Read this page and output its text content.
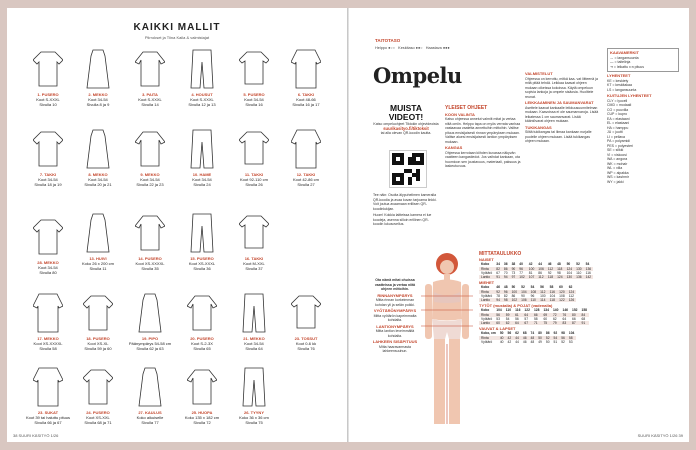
KAIKKI MALLIT
Piirrokset ja Tiina Kaila & valmistajat
1. PUSERO
Koot S-XXXL
Sivulla 10
2. MEKKO
Koot 34-54
Sivulla 8 ja 9
3. PAITA
Koot S-XXXL
Sivulla 14
4. HOUSUT
Koot S-XXXL
Sivulla 12 ja 13
5. PUSERO
Koot 34-54
Sivulla 16
6. TAKKI
Koot 48-66
Sivulla 16 ja 17
7. TAKKI
Koot 34-54
Sivulla 18 ja 19
8. MEKKO
Koot 34-54
Sivulla 20 ja 21
9. MEKKO
Koot 34-54
Sivulla 22 ja 23
10. HAME
Koot 34-54
Sivulla 24
11. TAKKI
Koot 92-110 cm
Sivulla 26
12. TAKKI
Koot 42-86 cm
Sivulla 27
28. MEKKO
Koot 34-54
Sivulla 80
13. HUIVI
Koko 26 x 200 cm
Sivulla 11
14. PUSERO
Koot XS-XXXXL
Sivulla 35
15. PUSERO
Koot XS-XXXL
Sivulla 36
16. TAKKI
Koot M-XXL
Sivulla 37
17. MEKKO
Koot XS-XXXXL
Sivulla 58
18. PUSERO
Koot XS-XL
Sivulla 59 ja 60
19. PIPO
Päänympärys 54-58 cm
Sivulla 62 ja 63
20. PUSERO
Koot S-2-3X
Sivulla 65
21. MEKKO
Koot 34-54
Sivulla 64
23. TOSSUT
Koot 0-6 kk
Sivulla 76
23. SUKAT
Koot 39 tai haluttu pituus
Sivulla 66 ja 67
24. PUSERO
Koot XS-XXL
Sivulla 68 ja 71
27. KAULUS
Koko aikuiselle
Sivulla 77
25. HUOPA
Koko 135 x 182 cm
Sivulla 72
26. TYYNY
Koko 36 x 36 cm
Sivulla 75
38 SUURI KÄSITYÖ 1/26
TAITOTASO
Helppo ●○○   Keskitaso ●●○   Haastava ●●●
Ompelu
MUISTA VIDEOT!
Katso ompeluohjeet Tiktokin ohjevideoista
suurikasityo.fi/tiktoksit
tai alla olevan QR-koodin kautta.
Tee näin: Osoita älypuhelimen kameralla QR-koodia ja avaa kuvan tarjoama linkki. Voit joutua avaamaan erillisen QR-koodinlukijan.
Huom! Kokkia laitteissa kamera ei lue koodeja, asenna silloin erillinen QR-koodin lukusovellus.
YLEISET OHJEET
KOON VALINTA
Katso ohjeessa annetut valmiit mitat ja vertaa niitä omiin. Helppo tapa on myös verrata vanhaa vastaavaa vaatetta annettuihin mittoihin. Valitse pituus ensisijaisesti rinnan ympäryksen mukaan. Valitse aluesi ensisijaisesti lantion ympäryksen mukaan.
KANGAS
Ohjeessa kerrotaan kiihden kuvassa näkyvän vaatteen kangastiedot. Jos vaihdat kankaan, ota huomioon sen joustavuus, materiaali, paksuus ja laskeutuvuus.
VALMISTELUT
Ohjeessa on kerrottu, mitkä kaa- vat liitteenä ja mitä pitää tehdä. Leikkaa kaavat ohjeen mukaan oikeissa kokoissa. Käytä ompeluun sopivia lankoja ja ompele sisäosia. Huolitele reunat.
LEIKKAAMINEN JA SAUMANVARAT
Asettele kaavat kankaalle leikkuusuunnitelman mukaan. Kaavoissa ei ole saumanvaroja. Lisää leikatessa 1 cm saumanvarat. Lisää kääntövarat ohjeen mukaan.
TUKIKANGAS
Silitä tukikangas tai liimaa kankaan nurjalle puolelle ohjeen mukaan. Lisää tukikangas ohjeen mukaan.
KAAVAMERKIT
↔ = langansuunta
— = taitelinja
⇥ = leikattu x:n pituus
LYHENTEET
KE = keskiety
KT = keskitakaa
LS = langansuunta
KUITUJEN LYHENTEET
CLY = lyocell
CMD = modaali
CO = puuvilla
CUP = kupro
EA = elastaani
EL = elastaani
HA = hamppu
JU = juutti
LI = pellava
PA = polyamidi
PES = polyesteri
SE = silkki
VI = viskoosi
WA = angora
WK = mohair
WL = villa
WP = alpakka
WS = kashmir
WY = jakki
Ota nämä mitat ohuissa vaatteissa ja vertaa niitä ohjeen mittoihin.
RINNANYMPÄRYS
Mitta rinnan korkeimman kohdan yli ja selän poikki.
VYÖTÄRÖNYMPÄRYS
Mitta vyötärön kapeimmalta kohdalta.
LANTIONYMPÄRYS
Mitta lantion leveimmältä kohdalta.
LAHKEEN SISÄPITUUS
Mitta haaravarmasta lahkeensuuhun.
MITTATAULUKKO
NAISET
Koko	34	36	38	40	42	44	46	48	50	52	54
Rinta	82	86	90	96	100	106	112	118	124	130	136
Vyötärö	67	70	73	77	81	86	92	98	104	110	116
Lantio	91	94	97	102	107	112	118	124	130	136	142
MIEHET
Koko	46	48	50	52	54	56	58	60	62
Rinta	92	96	100	104	108	112	116	120	124
Vyötärö	78	82	86	90	96	100	104	108	112
Lantio	94	98	102	106	110	114	118	122	126
TYTÖT (mustalla) & POJAT (vadenalla)
Koko	104	110	116	122	128	134	140	146	152	158
Rinta	56	59	61	64	66	69	72	76	80	84
Vyötärö	53	54	56	57	58	60	62	64	66	68
Lantio	60	62	64	67	71	75	79	83	87	91
VAUVAT & LAPSET
Koko, cm	50	56	62	68	74	80	86	92	98	104
Rinta	40	42	44	46	48	50	52	54	56	58
Vyötärö	40	42	44	46	48	49	50	51	52	53
SUURI KÄSITYÖ 1/26 39
OHJEET	OHJEET
